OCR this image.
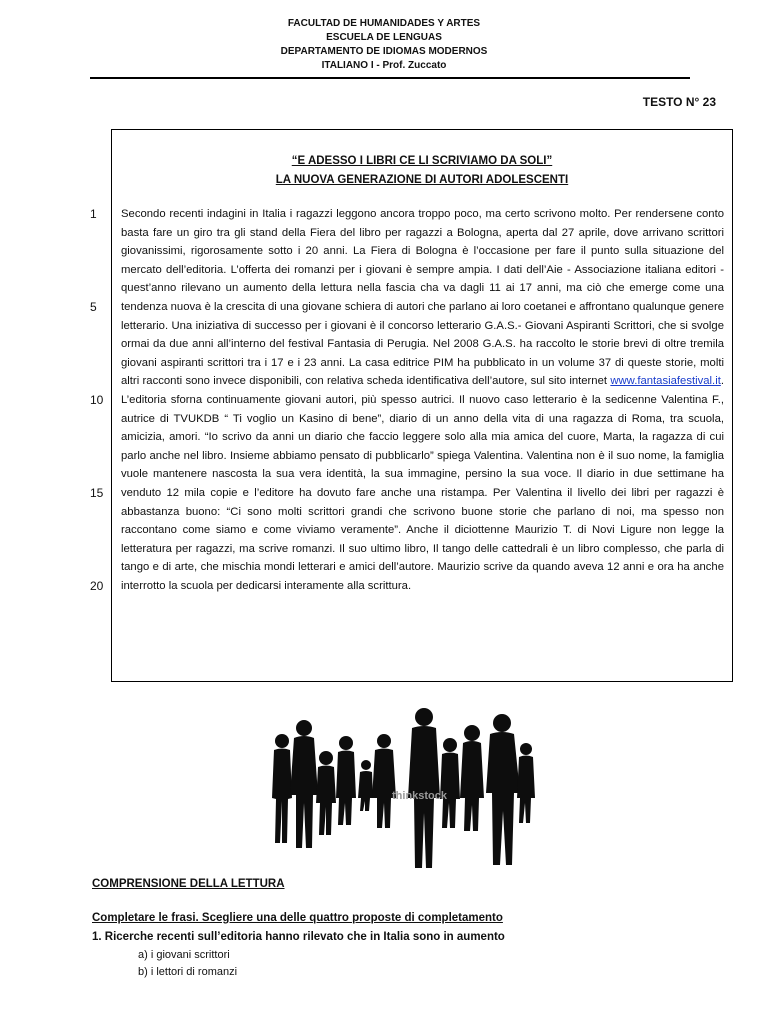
FACULTAD DE HUMANIDADES Y ARTES
ESCUELA DE LENGUAS
DEPARTAMENTO DE IDIOMAS MODERNOS
ITALIANO I - Prof. Zuccato
TESTO N° 23
“E ADESSO I LIBRI CE LI SCRIVIAMO DA SOLI”
LA NUOVA GENERAZIONE DI AUTORI ADOLESCENTI
Secondo recenti indagini in Italia i ragazzi leggono ancora troppo poco, ma certo scrivono molto. Per rendersene conto basta fare un giro tra gli stand della Fiera del libro per ragazzi a Bologna, aperta dal 27 aprile, dove arrivano scrittori giovanissimi, rigorosamente sotto i 20 anni. La Fiera di Bologna è l’occasione per fare il punto sulla situazione del mercato dell’editoria. L’offerta dei romanzi per i giovani è sempre ampia. I dati dell’Aie - Associazione italiana editori - quest’anno rilevano un aumento della lettura nella fascia cha va dagli 11 ai 17 anni, ma ciò che emerge come una tendenza nuova è la crescita di una giovane schiera di autori che parlano ai loro coetanei e affrontano qualunque genere letterario. Una iniziativa di successo per i giovani è il concorso letterario G.A.S.- Giovani Aspiranti Scrittori, che si svolge ormai da due anni all’interno del festival Fantasia di Perugia. Nel 2008 G.A.S. ha raccolto le storie brevi di oltre tremila giovani aspiranti scrittori tra i 17 e i 23 anni. La casa editrice PIM ha pubblicato in un volume 37 di queste storie, molti altri racconti sono invece disponibili, con relativa scheda identificativa dell’autore, sul sito internet www.fantasiafestival.it. L’editoria sforna continuamente giovani autori, più spesso autrici. Il nuovo caso letterario è la sedicenne Valentina F., autrice di TVUKDB “ Ti voglio un Kasino di bene”, diario di un anno della vita di una ragazza di Roma, tra scuola, amicizia, amori. “Io scrivo da anni un diario che faccio leggere solo alla mia amica del cuore, Marta, la ragazza di cui parlo anche nel libro. Insieme abbiamo pensato di pubblicarlo” spiega Valentina. Valentina non è il suo nome, la famiglia vuole mantenere nascosta la sua vera identità, la sua immagine, persino la sua voce. Il diario in due settimane ha venduto 12 mila copie e l’editore ha dovuto fare anche una ristampa. Per Valentina il livello dei libri per ragazzi è abbastanza buono: “Ci sono molti scrittori grandi che scrivono buone storie che parlano di noi, ma spesso non raccontano come siamo e come viviamo veramente”. Anche il diciottenne Maurizio T. di Novi Ligure non legge la letteratura per ragazzi, ma scrive romanzi. Il suo ultimo libro, Il tango delle cattedrali è un libro complesso, che parla di tango e di arte, che mischia mondi letterari e amici dell’autore. Maurizio scrive da quando aveva 12 anni e ora ha anche interrotto la scuola per dedicarsi interamente alla scrittura.
1
5
10
15
20
thinkstock
COMPRENSIONE DELLA LETTURA
Completare le frasi. Scegliere una delle quattro proposte di completamento
1. Ricerche recenti sull’editoria hanno rilevato che in Italia sono in aumento
a) i giovani scrittori
b) i lettori di romanzi
